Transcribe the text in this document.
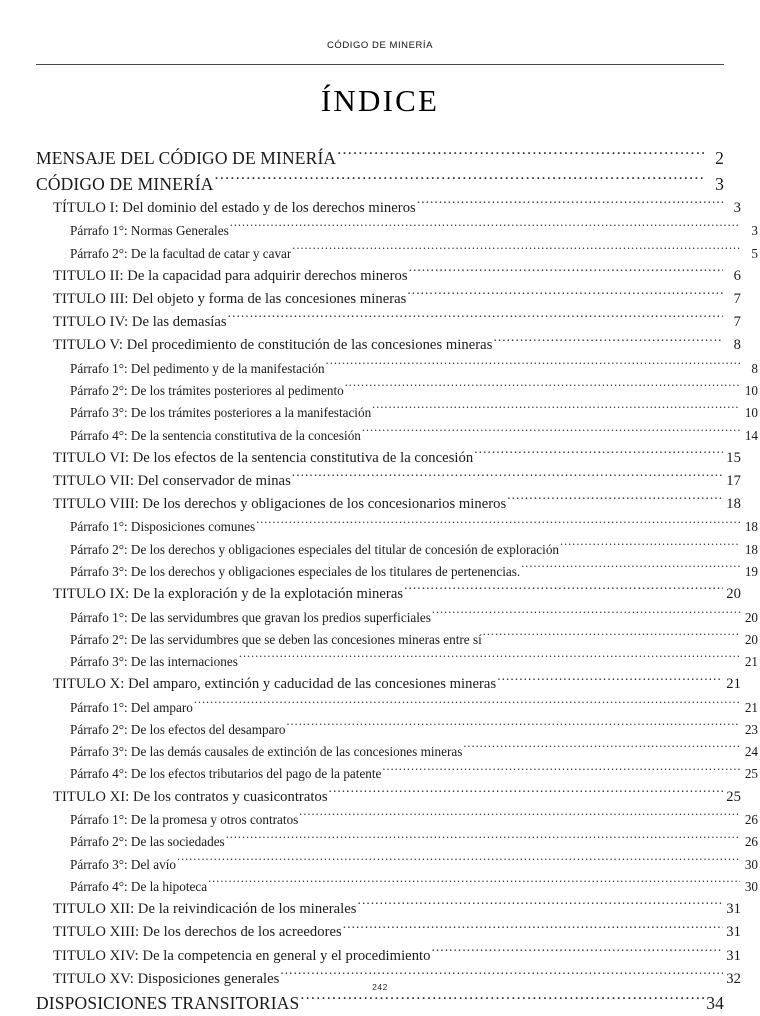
CÓDIGO DE MINERÍA
ÍNDICE
MENSAJE DEL CÓDIGO DE MINERÍA .....	2
CÓDIGO DE MINERÍA .....	3
TÍTULO I: Del dominio del estado y de los derechos mineros .....	3
Párrafo 1°: Normas Generales .....	3
Párrafo 2°: De la facultad de catar y cavar .....	5
TITULO II: De la capacidad para adquirir derechos mineros .....	6
TITULO III: Del objeto y forma de las concesiones mineras .....	7
TITULO IV: De las demasías .....	7
TITULO V: Del procedimiento de constitución de las concesiones mineras .....	8
Párrafo 1°: Del pedimento y de la manifestación .....	8
Párrafo 2°: De los trámites posteriores al pedimento .....	10
Párrafo 3°: De los trámites posteriores a la manifestación .....	10
Párrafo 4°: De la sentencia constitutiva de la concesión .....	14
TITULO VI: De los efectos de la sentencia constitutiva de la concesión .....	15
TITULO VII: Del conservador de minas .....	17
TITULO VIII: De los derechos y obligaciones de los concesionarios mineros .....	18
Párrafo 1°: Disposiciones comunes .....	18
Párrafo 2°: De los derechos y obligaciones especiales del titular de concesión de exploración .....	18
Párrafo 3°: De los derechos y obligaciones especiales de los titulares de pertenencias. .....	19
TITULO IX: De la exploración y de la explotación mineras .....	20
Párrafo 1°: De las servidumbres que gravan los predios superficiales .....	20
Párrafo 2°: De las servidumbres que se deben las concesiones mineras entre sí .....	20
Párrafo 3°: De las internaciones .....	21
TITULO X: Del amparo, extinción y caducidad de las concesiones mineras .....	21
Párrafo 1°: Del amparo .....	21
Párrafo 2°: De los efectos del desamparo .....	23
Párrafo 3°: De las demás causales de extinción de las concesiones mineras .....	24
Párrafo 4°: De los efectos tributarios del pago de la patente .....	25
TITULO XI: De los contratos y cuasicontratos .....	25
Párrafo 1°: De la promesa y otros contratos .....	26
Párrafo 2°: De las sociedades .....	26
Párrafo 3°: Del avío .....	30
Párrafo 4°: De la hipoteca .....	30
TITULO XII: De la reivindicación de los minerales .....	31
TITULO XIII: De los derechos de los acreedores .....	31
TITULO XIV: De la competencia en general y el procedimiento .....	31
TITULO XV: Disposiciones generales .....	32
DISPOSICIONES TRANSITORIAS .....	34
242
